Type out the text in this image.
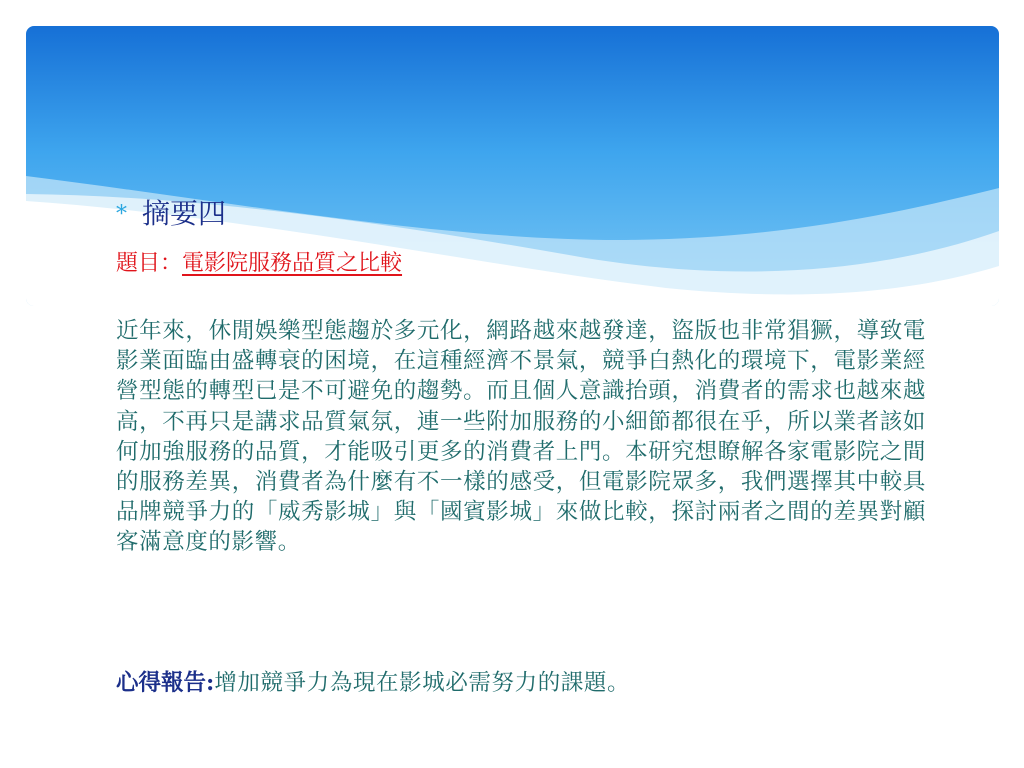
* 摘要四
題目：電影院服務品質之比較
近年來，休閒娛樂型態趨於多元化，網路越來越發達，盜版也非常猖獗，導致電影業面臨由盛轉衰的困境，在這種經濟不景氣，競爭白熱化的環境下，電影業經營型態的轉型已是不可避免的趨勢。而且個人意識抬頭，消費者的需求也越來越高，不再只是講求品質氣氛，連一些附加服務的小細節都很在乎，所以業者該如何加強服務的品質，才能吸引更多的消費者上門。本研究想瞭解各家電影院之間的服務差異，消費者為什麼有不一樣的感受，但電影院眾多，我們選擇其中較具品牌競爭力的「威秀影城」與「國賓影城」來做比較，探討兩者之間的差異對顧客滿意度的影響。
心得報告:增加競爭力為現在影城必需努力的課題。
